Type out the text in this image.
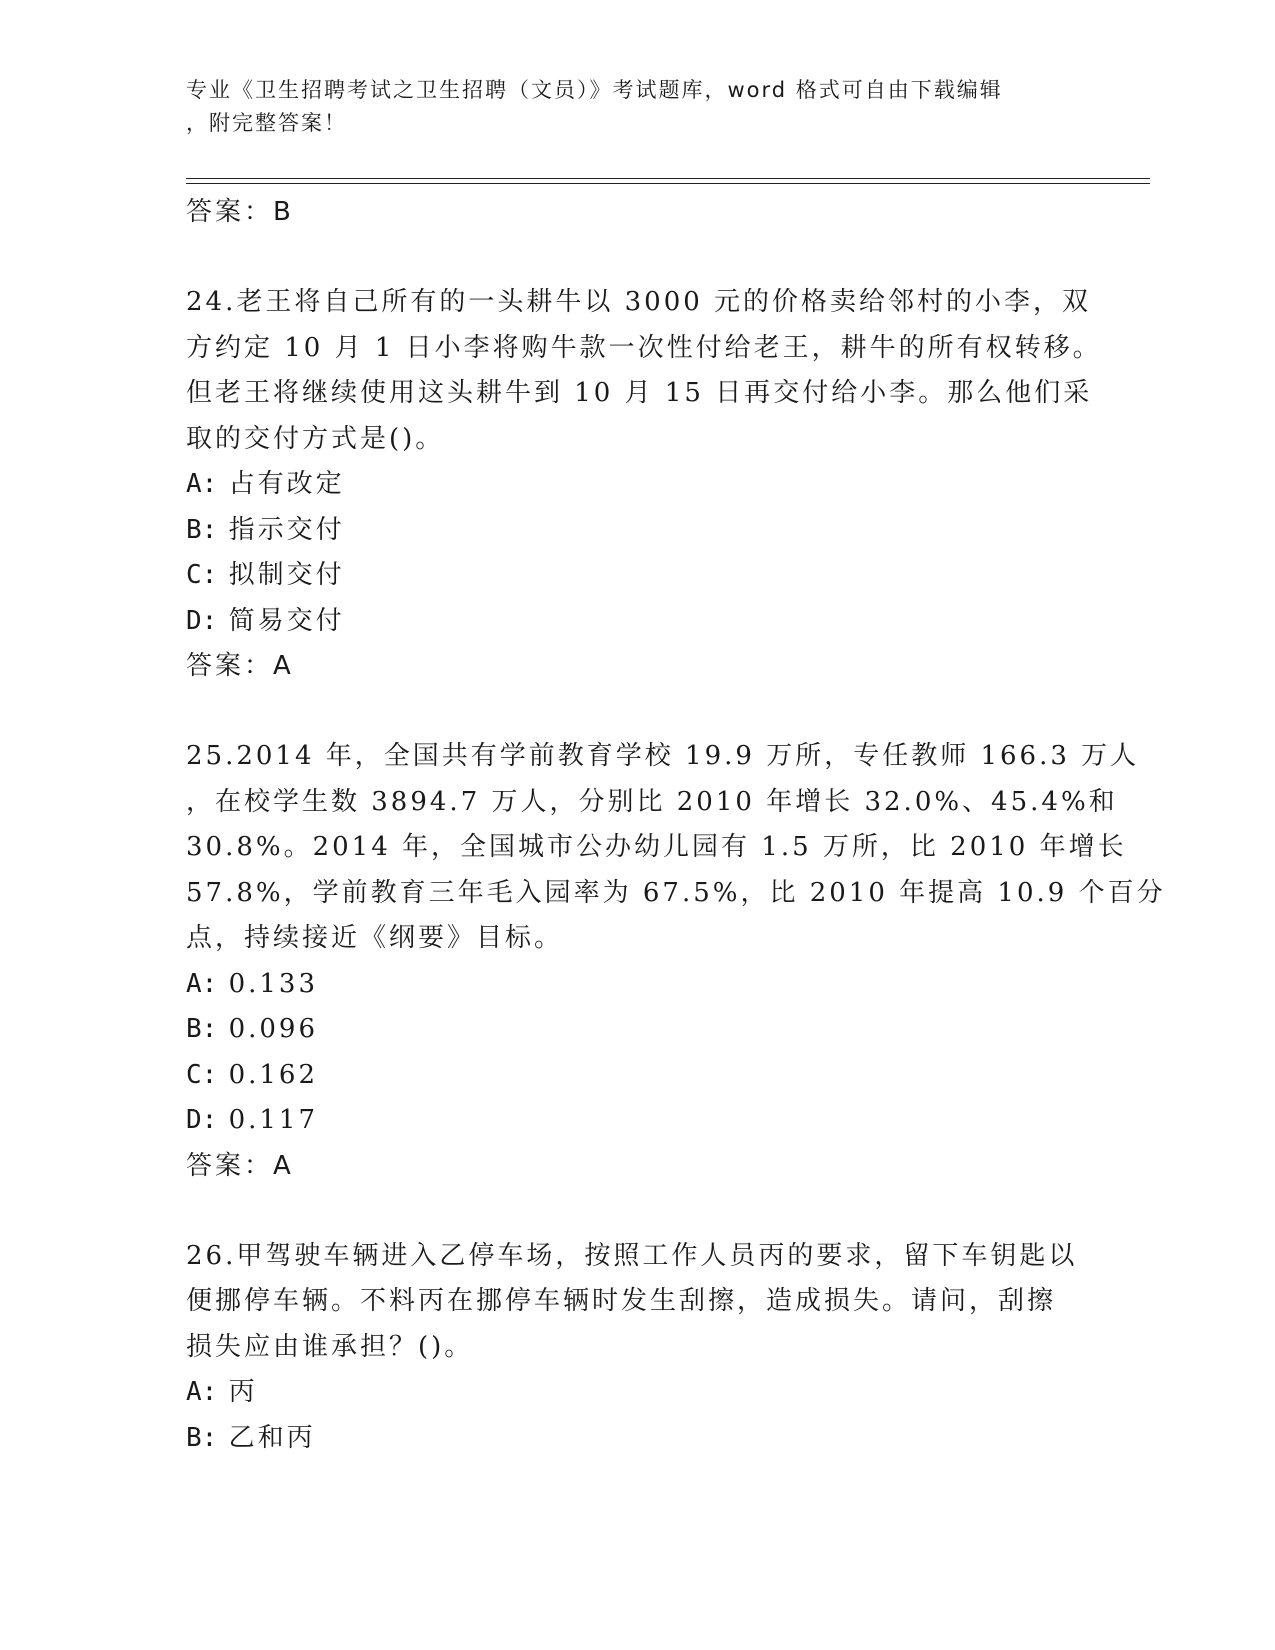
专业《卫生招聘考试之卫生招聘（文员）》考试题库，word 格式可自由下载编辑

，附完整答案！

答案：B

24.老王将自己所有的一头耕牛以 3000 元的价格卖给邻村的小李，双
方约定 10 月 1 日小李将购牛款一次性付给老王，耕牛的所有权转移。
但老王将继续使用这头耕牛到 10 月 15 日再交付给小李。那么他们采
取的交付方式是()。

A: 占有改定

B: 指示交付

C: 拟制交付

D: 简易交付

答案：A

25.2014 年，全国共有学前教育学校 19.9 万所，专任教师 166.3 万人
，在校学生数 3894.7 万人，分别比 2010 年增长 32.0%、45.4%和
30.8%。2014 年，全国城市公办幼儿园有 1.5 万所，比 2010 年增长
57.8%，学前教育三年毛入园率为 67.5%，比 2010 年提高 10.9 个百分
点，持续接近《纲要》目标。

A: 0.133

B: 0.096

C: 0.162

D: 0.117

答案：A

26.甲驾驶车辆进入乙停车场，按照工作人员丙的要求，留下车钥匙以
便挪停车辆。不料丙在挪停车辆时发生刮擦，造成损失。请问，刮擦
损失应由谁承担？()。

A: 丙

B: 乙和丙
